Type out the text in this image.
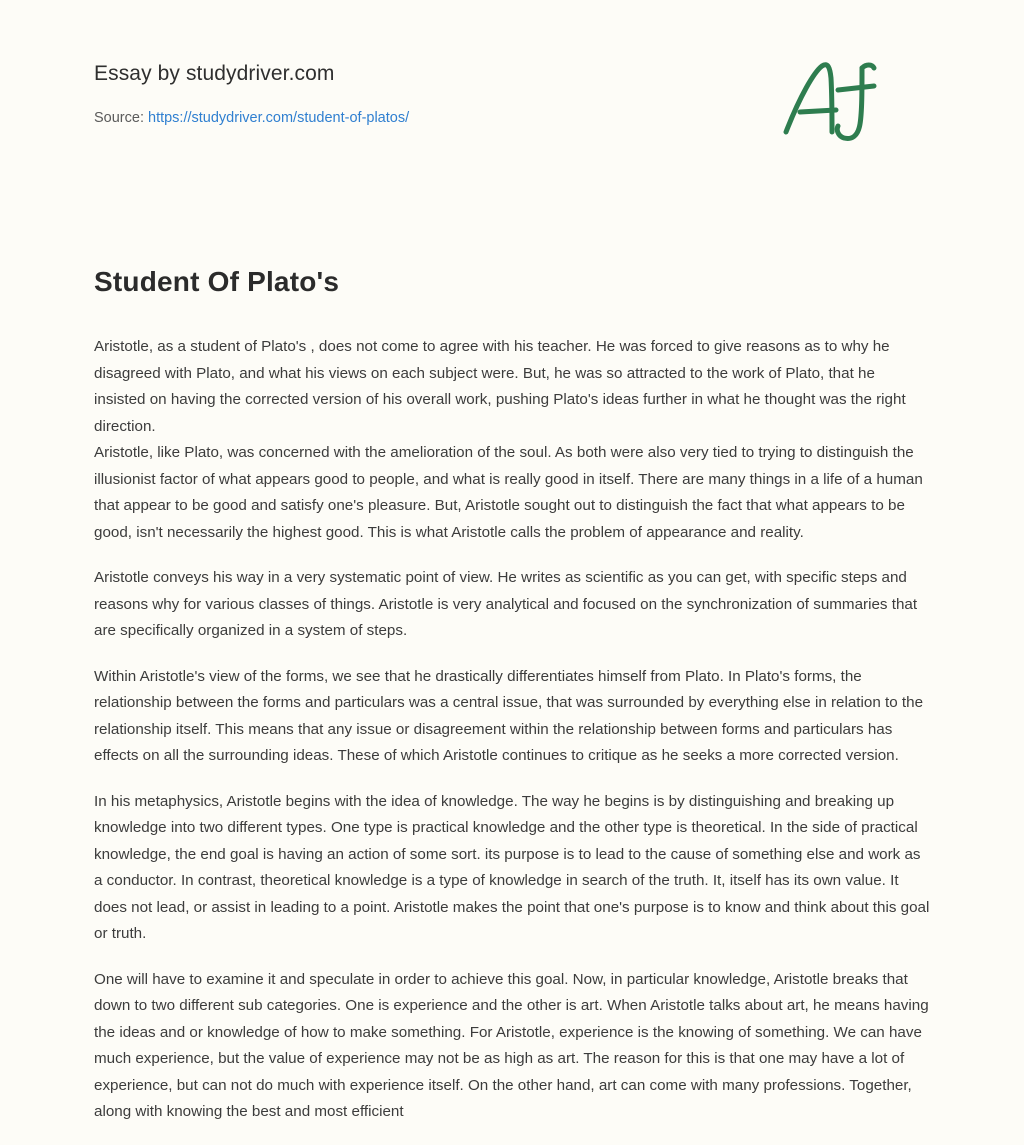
Essay by studydriver.com
Source: https://studydriver.com/student-of-platos/
Student Of Plato's

Aristotle, as a student of Plato's , does not come to agree with his teacher. He was forced to give reasons as to why he disagreed with Plato, and what his views on each subject were. But, he was so attracted to the work of Plato, that he insisted on having the corrected version of his overall work, pushing Plato's ideas further in what he thought was the right direction.

Aristotle, like Plato, was concerned with the amelioration of the soul. As both were also very tied to trying to distinguish the illusionist factor of what appears good to people, and what is really good in itself. There are many things in a life of a human that appear to be good and satisfy one's pleasure. But, Aristotle sought out to distinguish the fact that what appears to be good, isn't necessarily the highest good. This is what Aristotle calls the problem of appearance and reality.

Aristotle conveys his way in a very systematic point of view. He writes as scientific as you can get, with specific steps and reasons why for various classes of things. Aristotle is very analytical and focused on the synchronization of summaries that are specifically organized in a system of steps.

Within Aristotle's view of the forms, we see that he drastically differentiates himself from Plato. In Plato's forms, the relationship between the forms and particulars was a central issue, that was surrounded by everything else in relation to the relationship itself. This means that any issue or disagreement within the relationship between forms and particulars has effects on all the surrounding ideas. These of which Aristotle continues to critique as he seeks a more corrected version.

In his metaphysics, Aristotle begins with the idea of knowledge. The way he begins is by distinguishing and breaking up knowledge into two different types. One type is practical knowledge and the other type is theoretical. In the side of practical knowledge, the end goal is having an action of some sort. its purpose is to lead to the cause of something else and work as a conductor. In contrast, theoretical knowledge is a type of knowledge in search of the truth. It, itself has its own value. It does not lead, or assist in leading to a point. Aristotle makes the point that one's purpose is to know and think about this goal or truth.

One will have to examine it and speculate in order to achieve this goal. Now, in particular knowledge, Aristotle breaks that down to two different sub categories. One is experience and the other is art. When Aristotle talks about art, he means having the ideas and or knowledge of how to make something. For Aristotle, experience is the knowing of something. We can have much experience, but the value of experience may not be as high as art. The reason for this is that one may have a lot of experience, but can not do much with experience itself. On the other hand, art can come with many professions. Together, along with knowing the best and most efficient
